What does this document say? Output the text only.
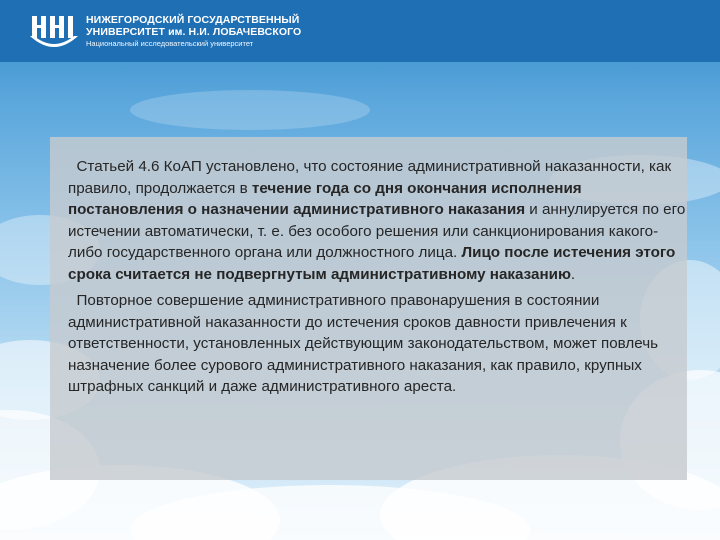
НИЖЕГОРОДСКИЙ ГОСУДАРСТВЕННЫЙ
УНИВЕРСИТЕТ им. Н.И. ЛОБАЧЕВСКОГО
Национальный исследовательский университет

Статьей 4.6 КоАП установлено, что состояние административной наказанности, как правило, продолжается в течение года со дня окончания исполнения постановления о назначении административного наказания и аннулируется по его истечении автоматически, т. е. без особого решения или санкционирования какого-либо государственного органа или должностного лица. Лицо после истечения этого срока считается не подвергнутым административному наказанию.

Повторное совершение административного правонарушения в состоянии административной наказанности до истечения сроков давности привлечения к ответственности, установленных действующим законодательством, может повлечь назначение более сурового административного наказания, как правило, крупных штрафных санкций и даже административного ареста.
